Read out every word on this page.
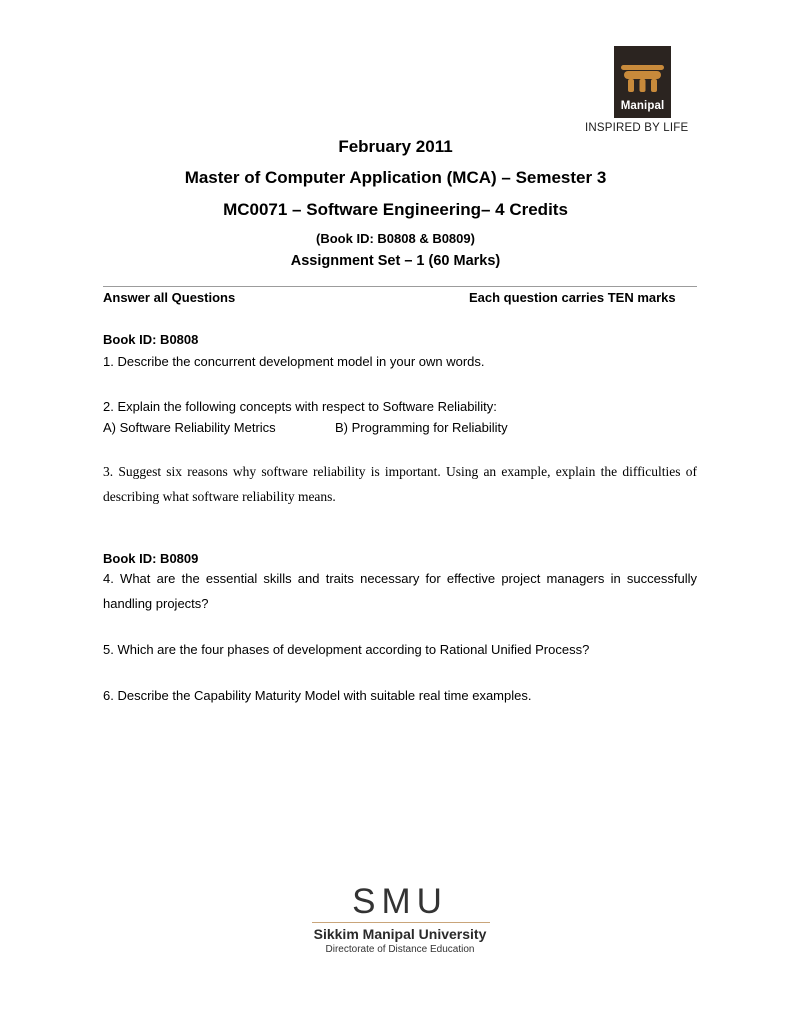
Manipal
INSPIRED BY LIFE
February 2011
Master of Computer Application (MCA) – Semester 3
MC0071 – Software Engineering– 4 Credits
(Book ID: B0808 & B0809)
Assignment Set – 1 (60 Marks)
Answer all Questions	Each question carries TEN marks
Book ID: B0808
1. Describe the concurrent development model in your own words.
2. Explain the following concepts with respect to Software Reliability:
A) Software Reliability Metrics	B) Programming for Reliability
3. Suggest six reasons why software reliability is important. Using an example, explain the difficulties of describing what software reliability means.
Book ID: B0809
4. What are the essential skills and traits necessary for effective project managers in successfully handling projects?
5. Which are the four phases of development according to Rational Unified Process?
6. Describe the Capability Maturity Model with suitable real time examples.
SMU
Sikkim Manipal University
Directorate of Distance Education
